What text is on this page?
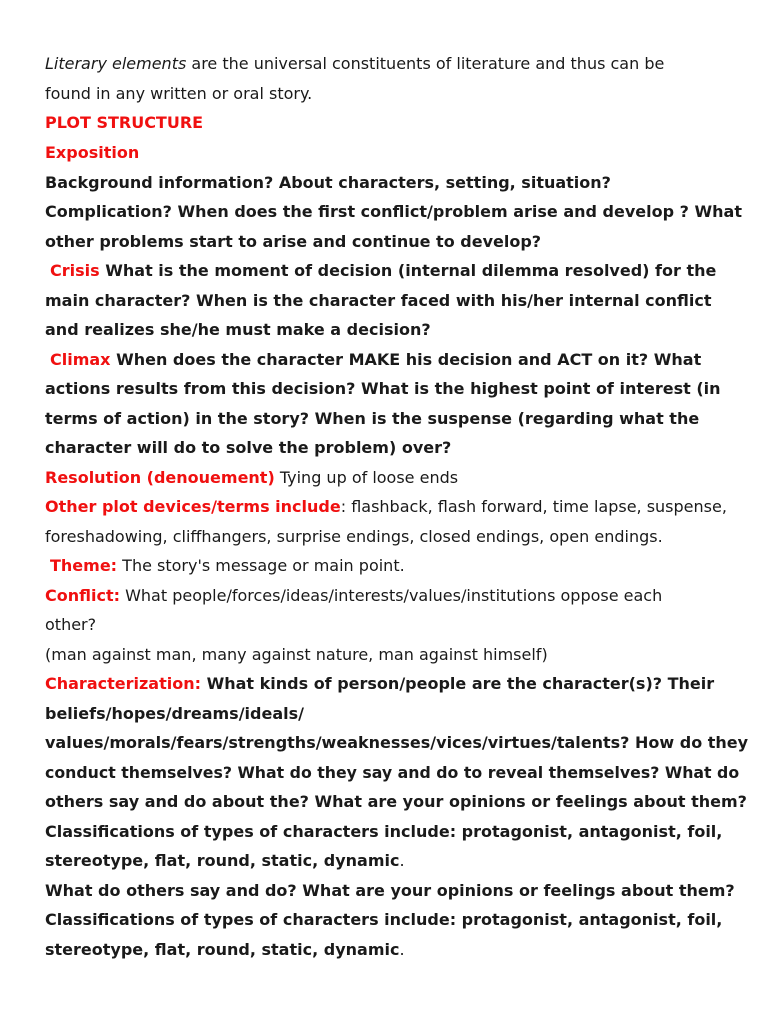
Literary elements are the universal constituents of literature and thus can be
found in any written or oral story.
PLOT STRUCTURE
Exposition
Background information? About characters, setting, situation?
Complication? When does the first conflict/problem arise and develop ? What
other problems start to arise and continue to develop?
Crisis What is the moment of decision (internal dilemma resolved) for the
main character? When is the character faced with his/her internal conflict
and realizes she/he must make a decision?
Climax When does the character MAKE his decision and ACT on it? What
actions results from this decision? What is the highest point of interest (in
terms of action) in the story? When is the suspense (regarding what the
character will do to solve the problem) over?
Resolution (denouement) Tying up of loose ends
Other plot devices/terms include: flashback, flash forward, time lapse, suspense,
foreshadowing, cliffhangers, surprise endings, closed endings, open endings.
Theme: The story's message or main point.
Conflict: What people/forces/ideas/interests/values/institutions oppose each
other?
(man against man, many against nature, man against himself)
Characterization: What kinds of person/people are the character(s)? Their
beliefs/hopes/dreams/ideals/
values/morals/fears/strengths/weaknesses/vices/virtues/talents? How do they
conduct themselves? What do they say and do to reveal themselves? What do
others say and do about the? What are your opinions or feelings about them?
Classifications of types of characters include: protagonist, antagonist, foil,
stereotype, flat, round, static, dynamic.
What do others say and do? What are your opinions or feelings about them?
Classifications of types of characters include: protagonist, antagonist, foil,
stereotype, flat, round, static, dynamic.
